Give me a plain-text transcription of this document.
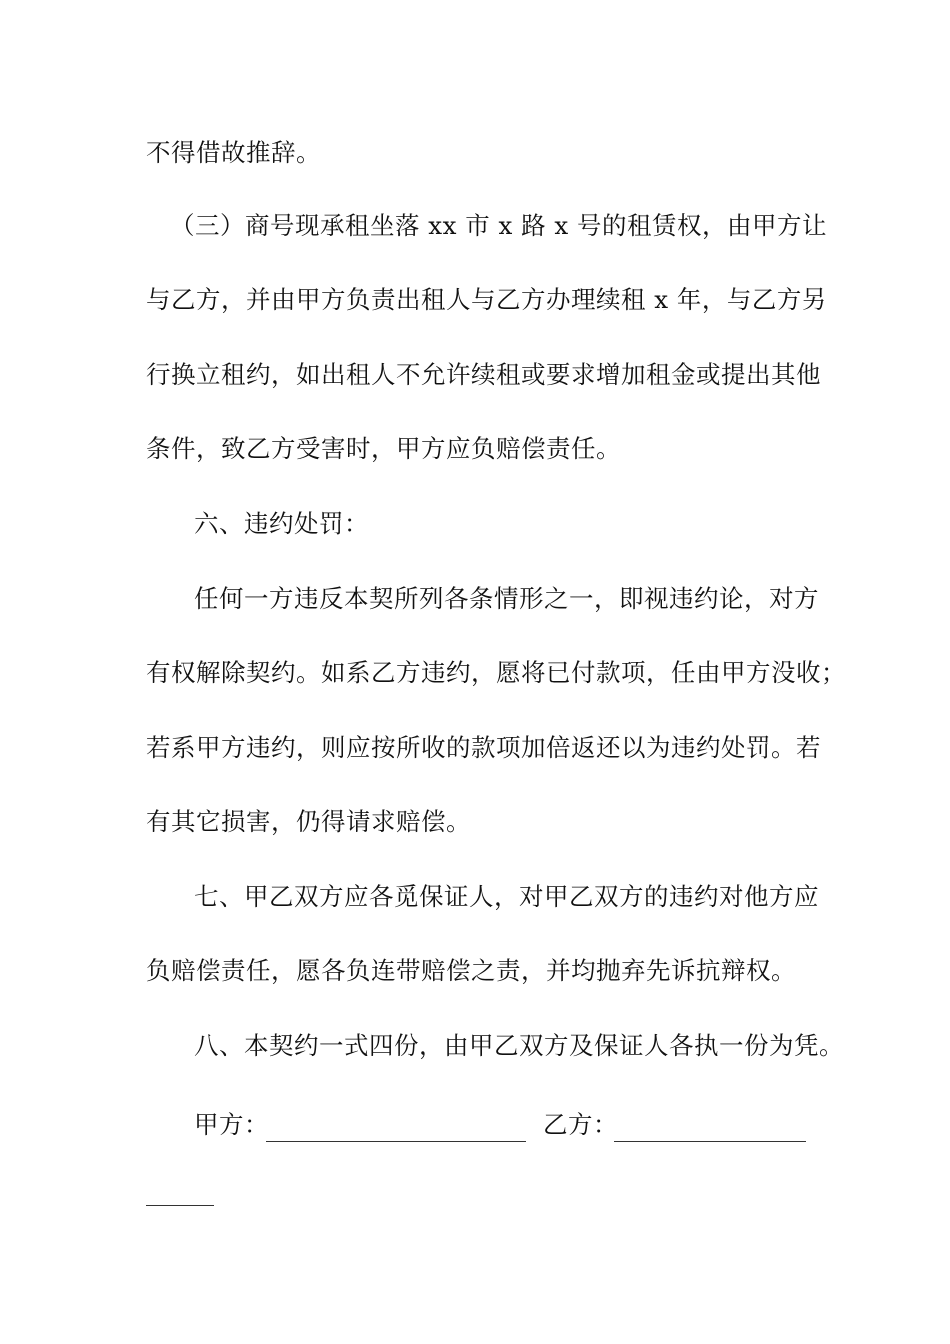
不得借故推辞。
（三）商号现承租坐落 xx 市 x 路 x 号的租赁权，由甲方让
与乙方，并由甲方负责出租人与乙方办理续租 x 年，与乙方另
行换立租约，如出租人不允许续租或要求增加租金或提出其他
条件，致乙方受害时，甲方应负赔偿责任。
六、违约处罚：
任何一方违反本契所列各条情形之一，即视违约论，对方
有权解除契约。如系乙方违约，愿将已付款项，任由甲方没收；
若系甲方违约，则应按所收的款项加倍返还以为违约处罚。若
有其它损害，仍得请求赔偿。
七、甲乙双方应各觅保证人，对甲乙双方的违约对他方应
负赔偿责任，愿各负连带赔偿之责，并均抛弃先诉抗辩权。
八、本契约一式四份，由甲乙双方及保证人各执一份为凭。
甲方：	乙方：
